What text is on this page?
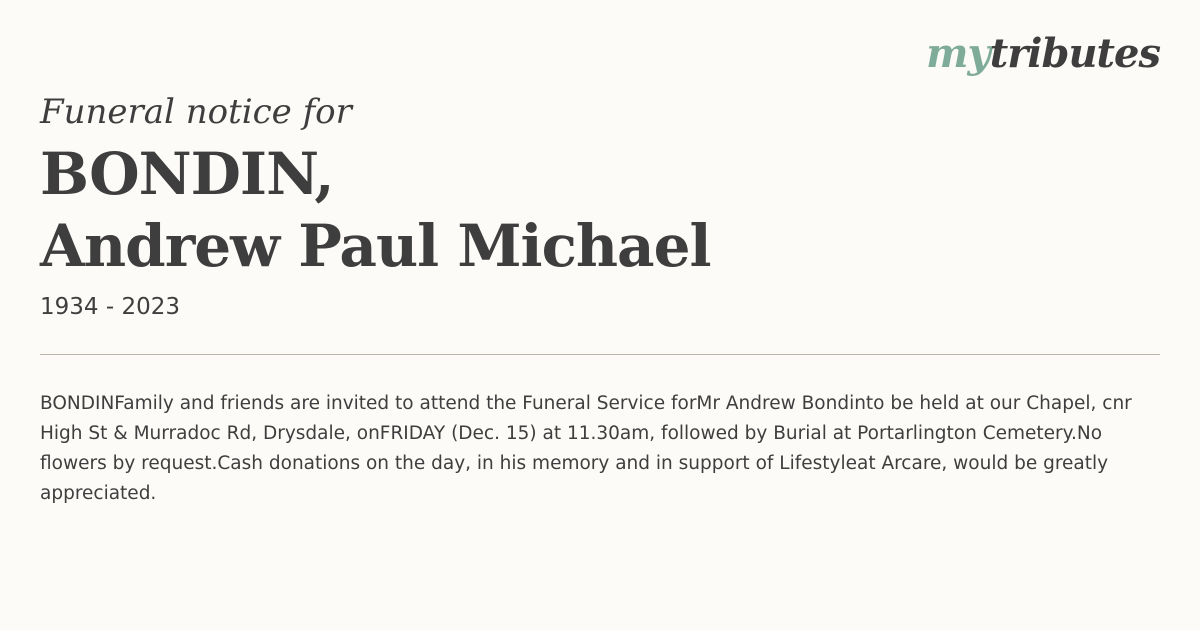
mytributes
Funeral notice for
BONDIN,
Andrew Paul Michael

1934 - 2023

BONDINFamily and friends are invited to attend the Funeral Service forMr Andrew Bondinto be held at our Chapel, cnr High St & Murradoc Rd, Drysdale, onFRIDAY (Dec. 15) at 11.30am, followed by Burial at Portarlington Cemetery.No flowers by request.Cash donations on the day, in his memory and in support of Lifestyleat Arcare, would be greatly appreciated.
